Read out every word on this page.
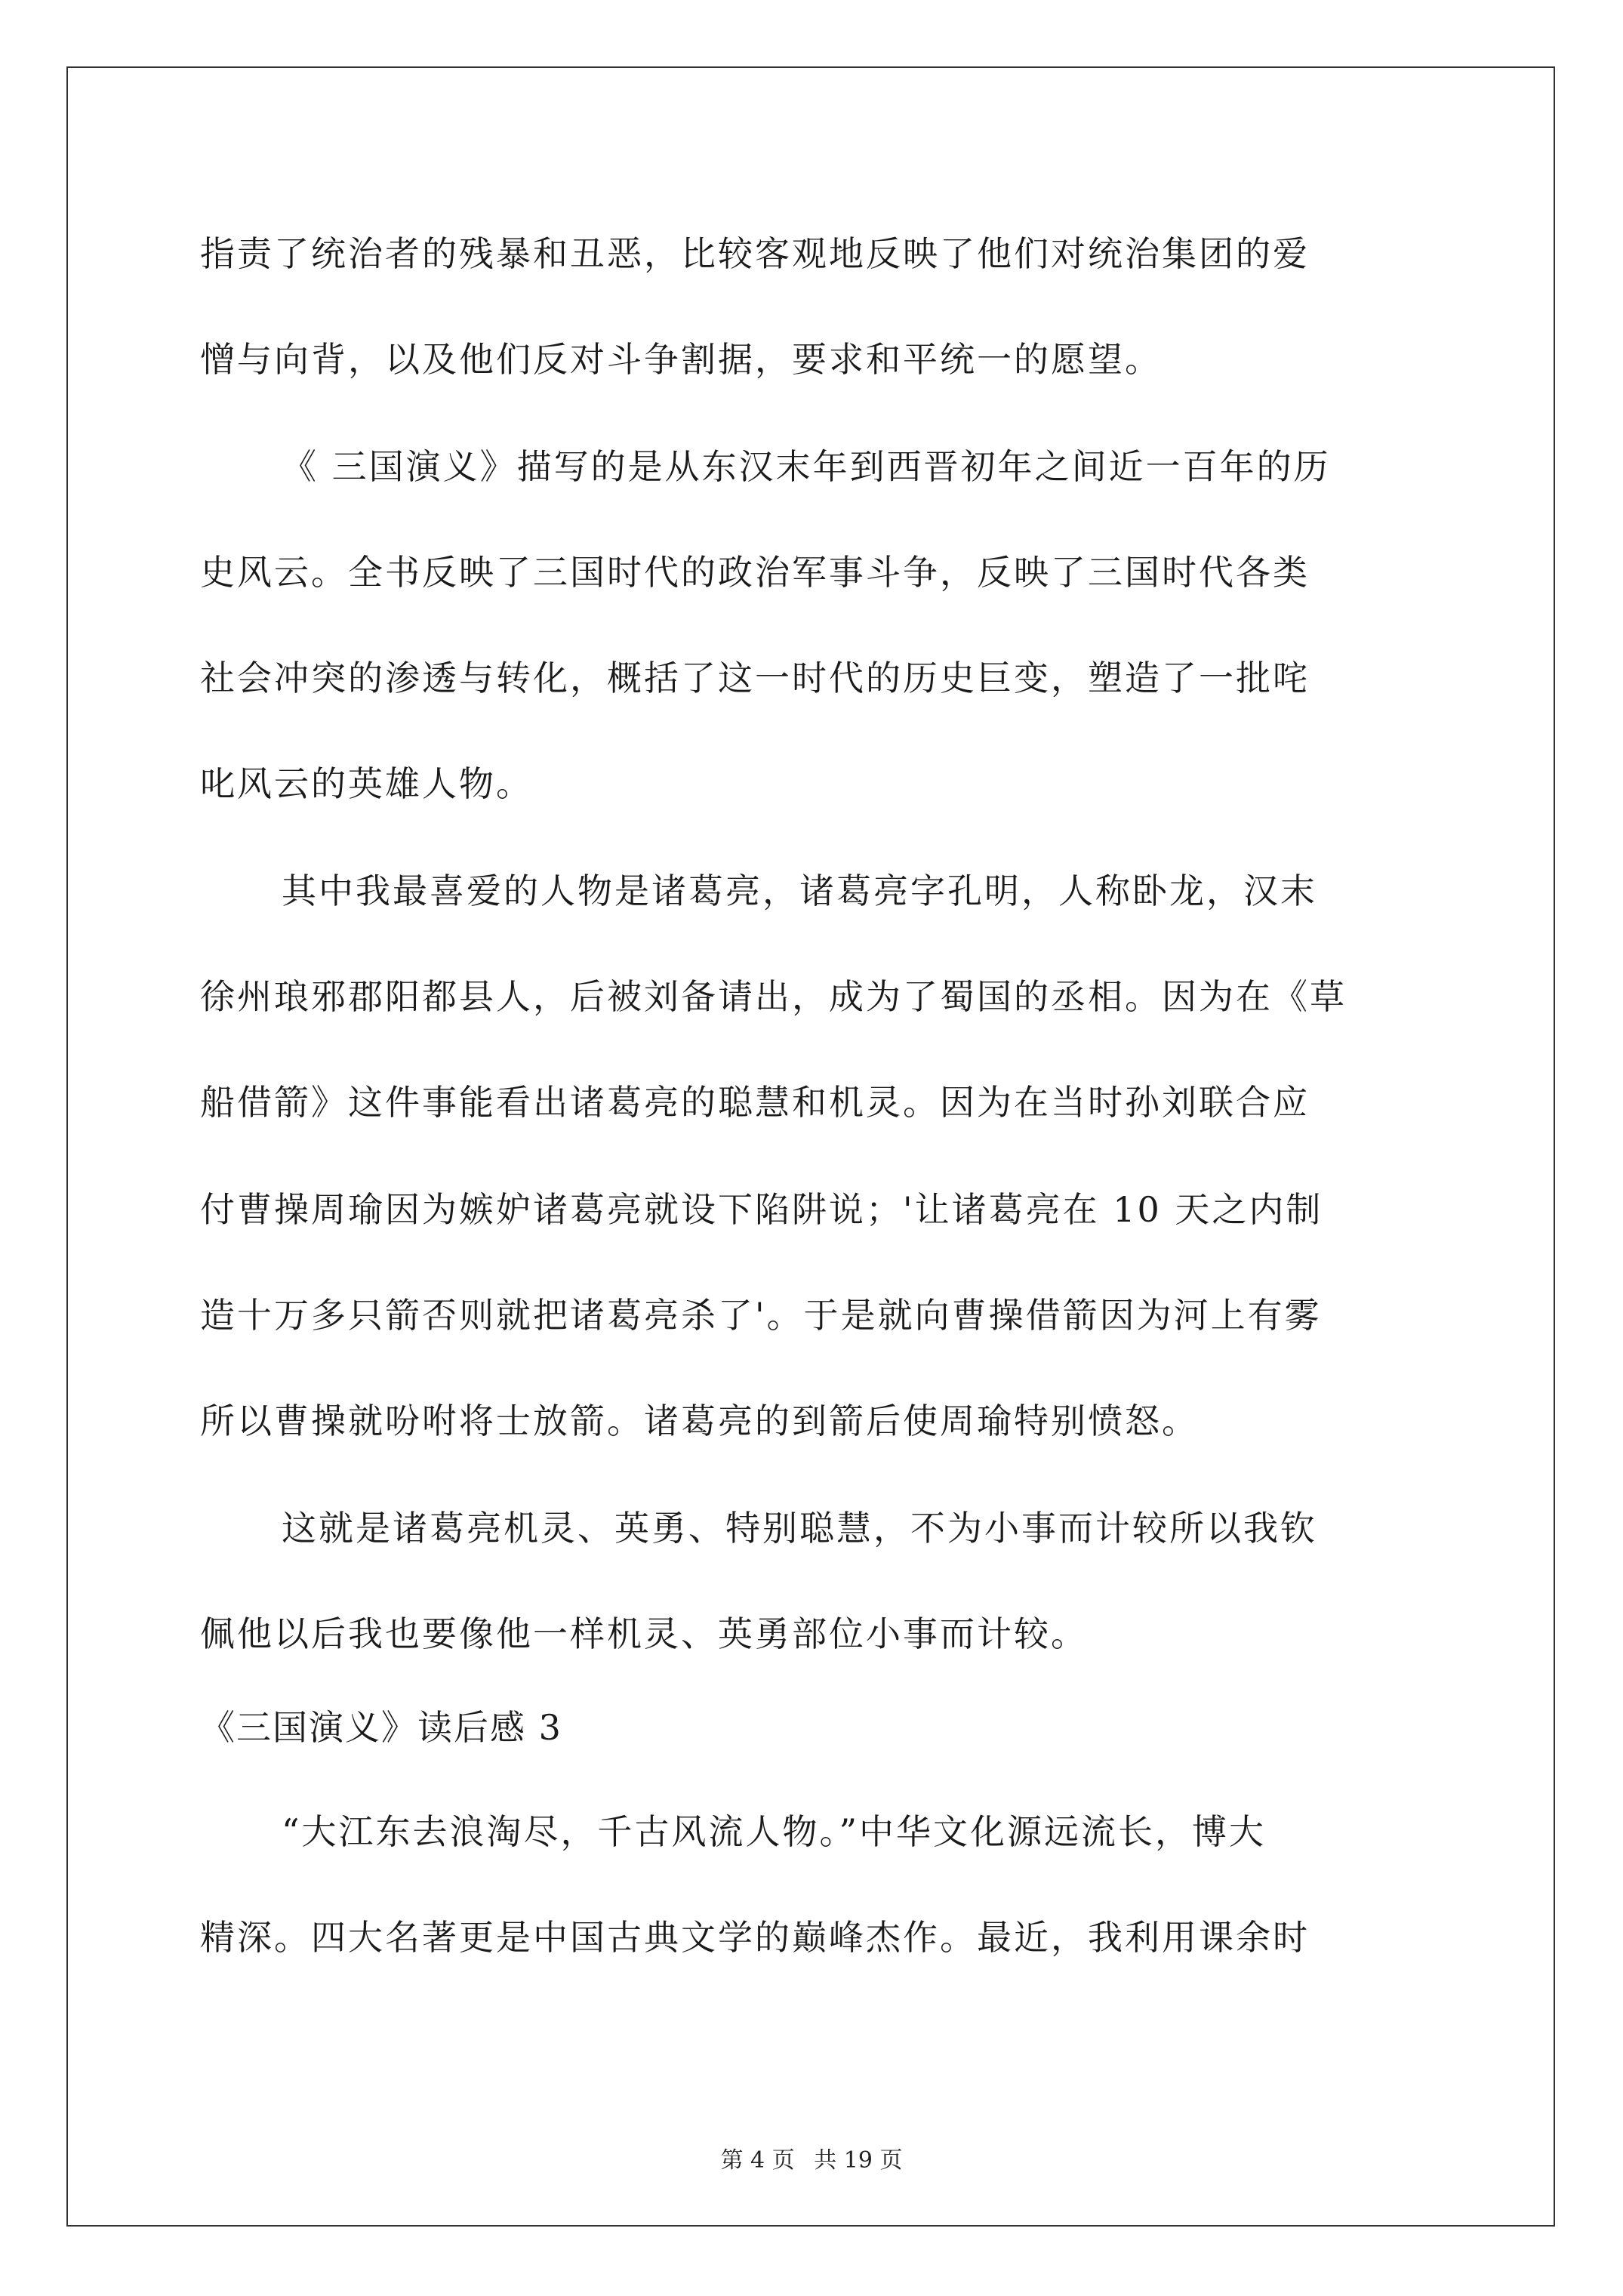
指责了统治者的残暴和丑恶，比较客观地反映了他们对统治集团的爱
憎与向背，以及他们反对斗争割据，要求和平统一的愿望。
《 三国演义》描写的是从东汉末年到西晋初年之间近一百年的历
史风云。全书反映了三国时代的政治军事斗争，反映了三国时代各类
社会冲突的渗透与转化，概括了这一时代的历史巨变，塑造了一批咤
叱风云的英雄人物。
其中我最喜爱的人物是诸葛亮，诸葛亮字孔明，人称卧龙，汉末
徐州琅邪郡阳都县人，后被刘备请出，成为了蜀国的丞相。因为在《草
船借箭》这件事能看出诸葛亮的聪慧和机灵。因为在当时孙刘联合应
付曹操周瑜因为嫉妒诸葛亮就设下陷阱说；'让诸葛亮在 10 天之内制
造十万多只箭否则就把诸葛亮杀了'。于是就向曹操借箭因为河上有雾
所以曹操就吩咐将士放箭。诸葛亮的到箭后使周瑜特别愤怒。
这就是诸葛亮机灵、英勇、特别聪慧，不为小事而计较所以我钦
佩他以后我也要像他一样机灵、英勇部位小事而计较。
《三国演义》读后感 3
“大江东去浪淘尽，千古风流人物。”中华文化源远流长，博大
精深。四大名著更是中国古典文学的巅峰杰作。最近，我利用课余时
第 4 页 共 19 页
